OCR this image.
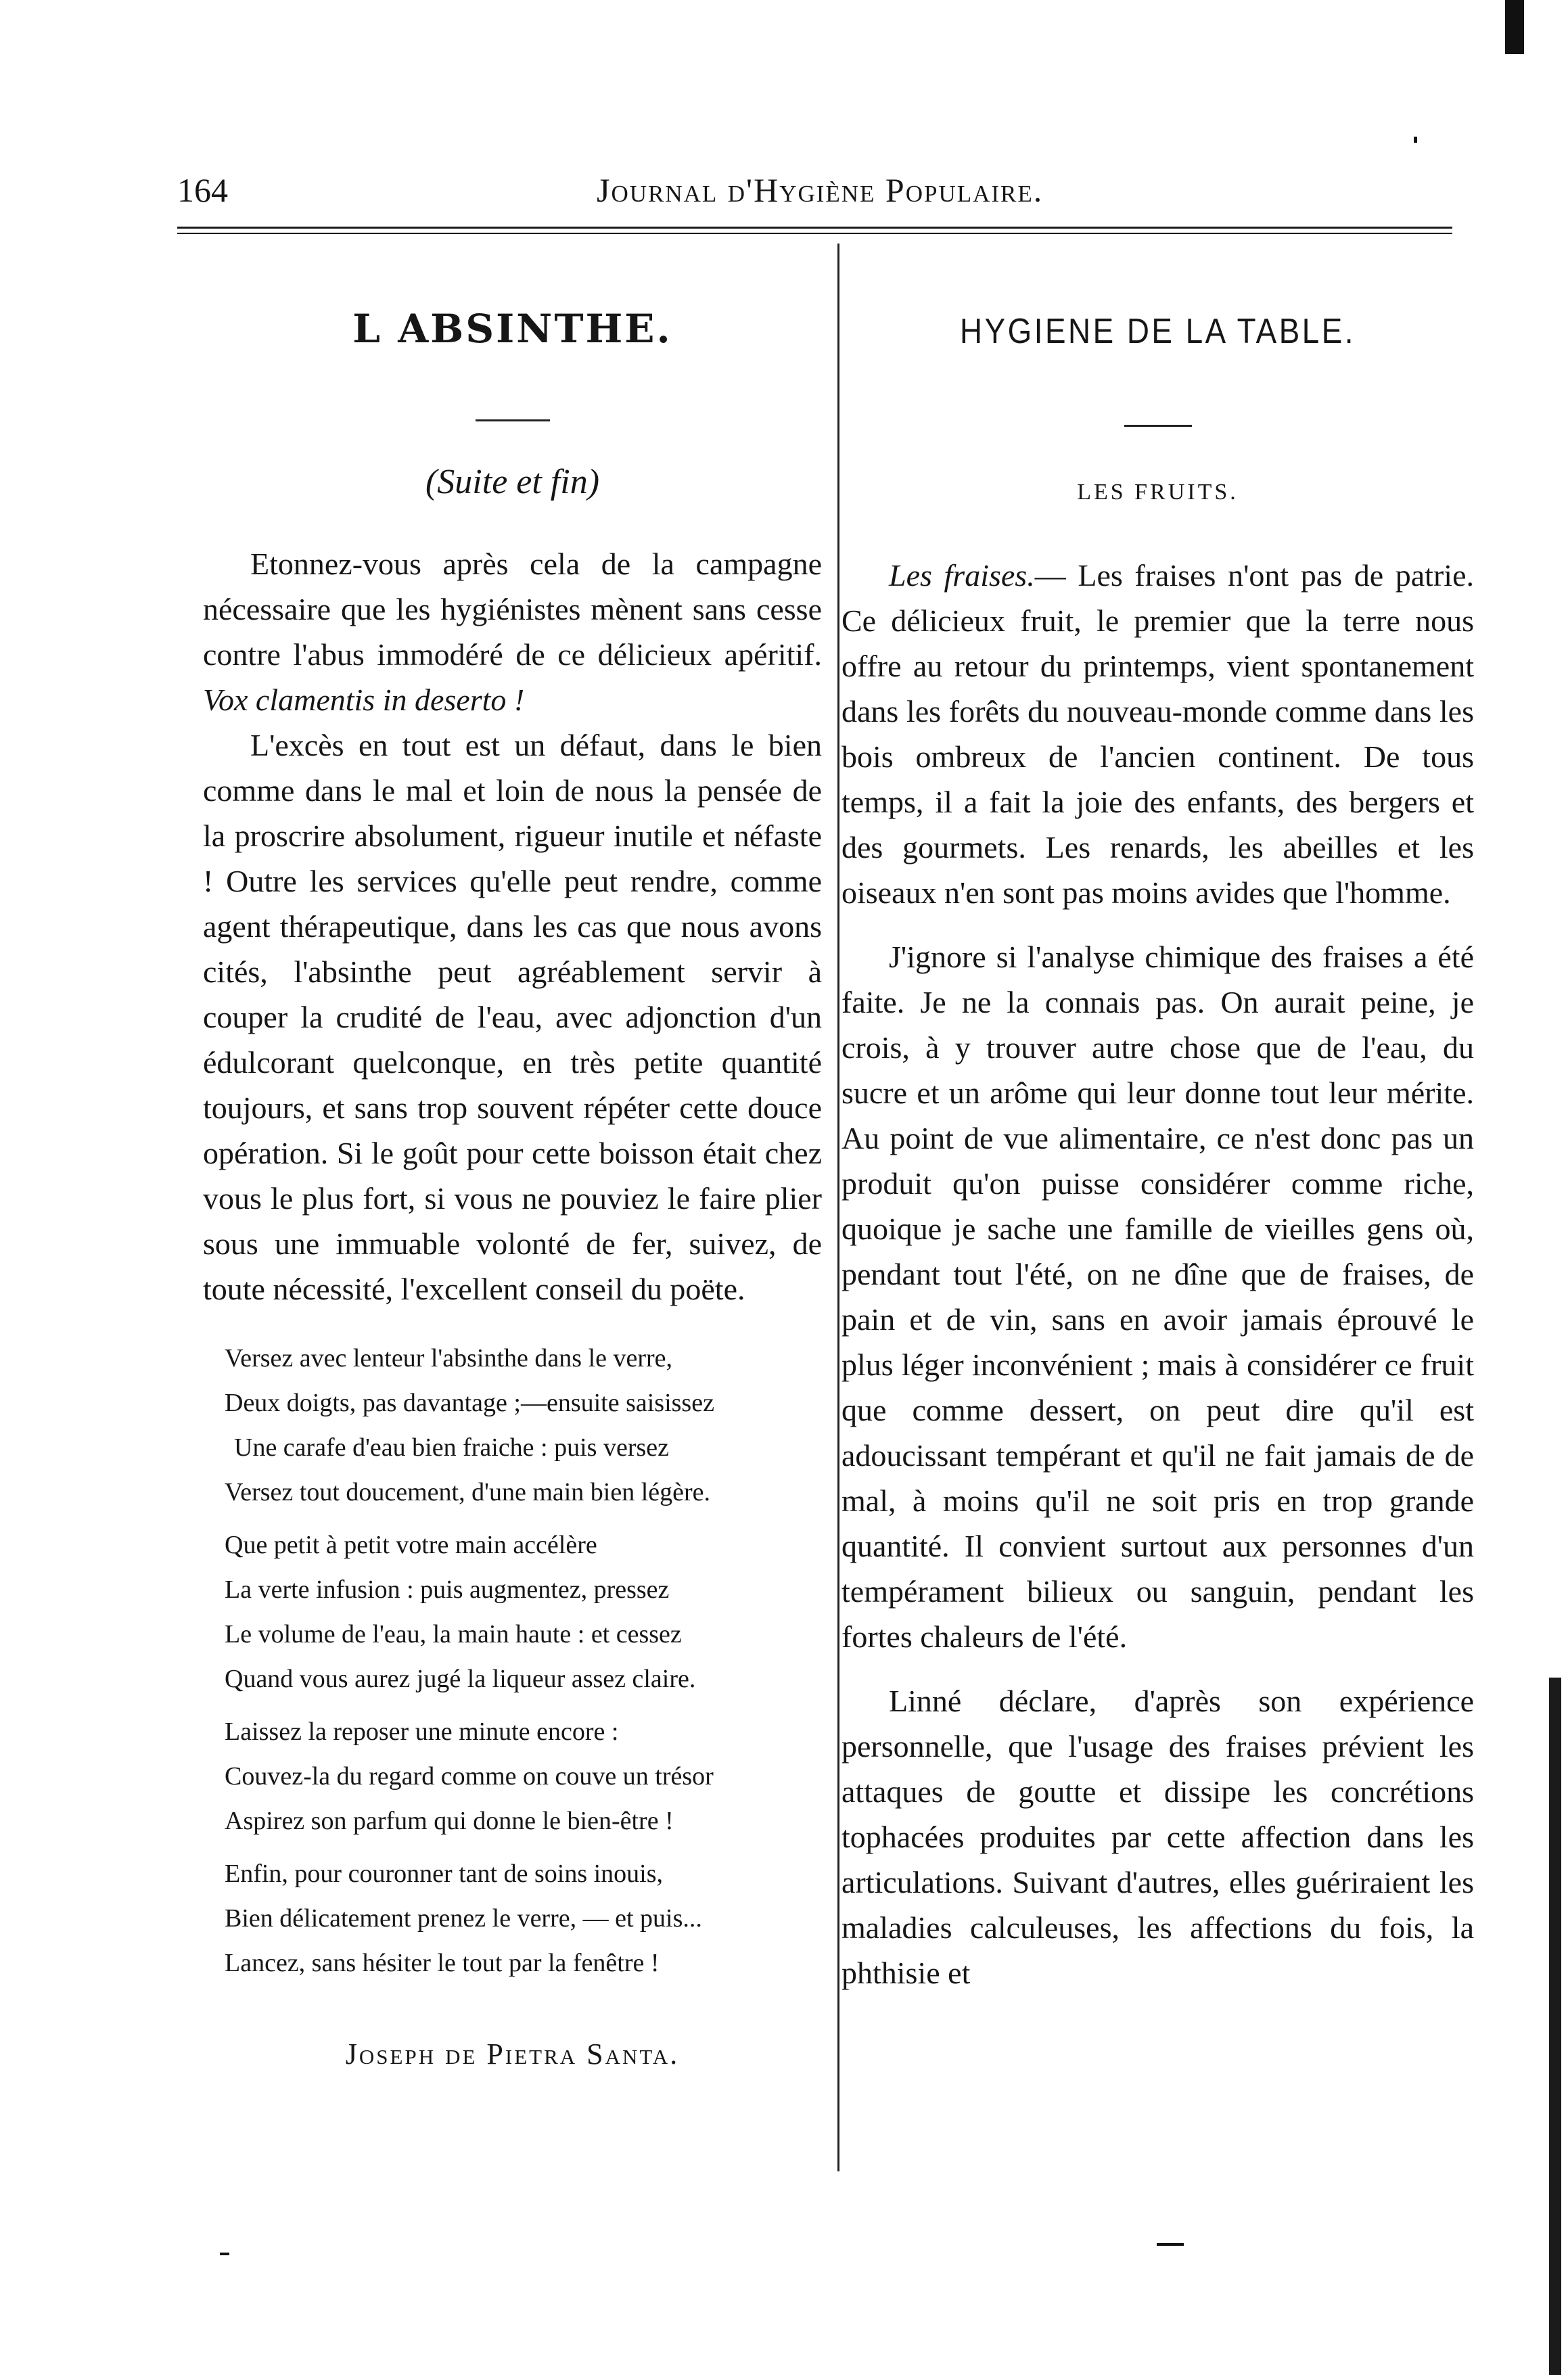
164	Journal d'Hygiène Populaire.
L ABSINTHE.
(Suite et fin)

Etonnez-vous après cela de la campagne nécessaire que les hygiénistes mènent sans cesse contre l'abus immodéré de ce délicieux apéritif. Vox clamentis in deserto !

L'excès en tout est un défaut, dans le bien comme dans le mal et loin de nous la pensée de la proscrire absolument, rigueur inutile et néfaste ! Outre les services qu'elle peut rendre, comme agent thérapeutique, dans les cas que nous avons cités, l'absinthe peut agréablement servir à couper la crudité de l'eau, avec adjonction d'un édulcorant quelconque, en très petite quantité toujours, et sans trop souvent répéter cette douce opération. Si le goût pour cette boisson était chez vous le plus fort, si vous ne pouviez le faire plier sous une immuable volonté de fer, suivez, de toute nécessité, l'excellent conseil du poëte.

Versez avec lenteur l'absinthe dans le verre,
Deux doigts, pas davantage ;—ensuite saisissez
Une carafe d'eau bien fraiche : puis versez
Versez tout doucement, d'une main bien légère.
Que petit à petit votre main accélère
La verte infusion : puis augmentez, pressez
Le volume de l'eau, la main haute : et cessez
Quand vous aurez jugé la liqueur assez claire.
Laissez la reposer une minute encore :
Couvez-la du regard comme on couve un trésor
Aspirez son parfum qui donne le bien-être !
Enfin, pour couronner tant de soins inouis,
Bien délicatement prenez le verre, — et puis...
Lancez, sans hésiter le tout par la fenêtre !
Joseph de Pietra Santa.
HYGIENE DE LA TABLE.
LES FRUITS.

Les fraises.— Les fraises n'ont pas de patrie. Ce délicieux fruit, le premier que la terre nous offre au retour du printemps, vient spontanement dans les forêts du nouveau-monde comme dans les bois ombreux de l'ancien continent. De tous temps, il a fait la joie des enfants, des bergers et des gourmets. Les renards, les abeilles et les oiseaux n'en sont pas moins avides que l'homme.

J'ignore si l'analyse chimique des fraises a été faite. Je ne la connais pas. On aurait peine, je crois, à y trouver autre chose que de l'eau, du sucre et un arôme qui leur donne tout leur mérite. Au point de vue alimentaire, ce n'est donc pas un produit qu'on puisse considérer comme riche, quoique je sache une famille de vieilles gens où, pendant tout l'été, on ne dîne que de fraises, de pain et de vin, sans en avoir jamais éprouvé le plus léger inconvénient ; mais à considérer ce fruit que comme dessert, on peut dire qu'il est adoucissant tempérant et qu'il ne fait jamais de de mal, à moins qu'il ne soit pris en trop grande quantité. Il convient surtout aux personnes d'un tempérament bilieux ou sanguin, pendant les fortes chaleurs de l'été.

Linné déclare, d'après son expérience personnelle, que l'usage des fraises prévient les attaques de goutte et dissipe les concrétions tophacées produites par cette affection dans les articulations. Suivant d'autres, elles guériraient les maladies calculeuses, les affections du fois, la phthisie et
